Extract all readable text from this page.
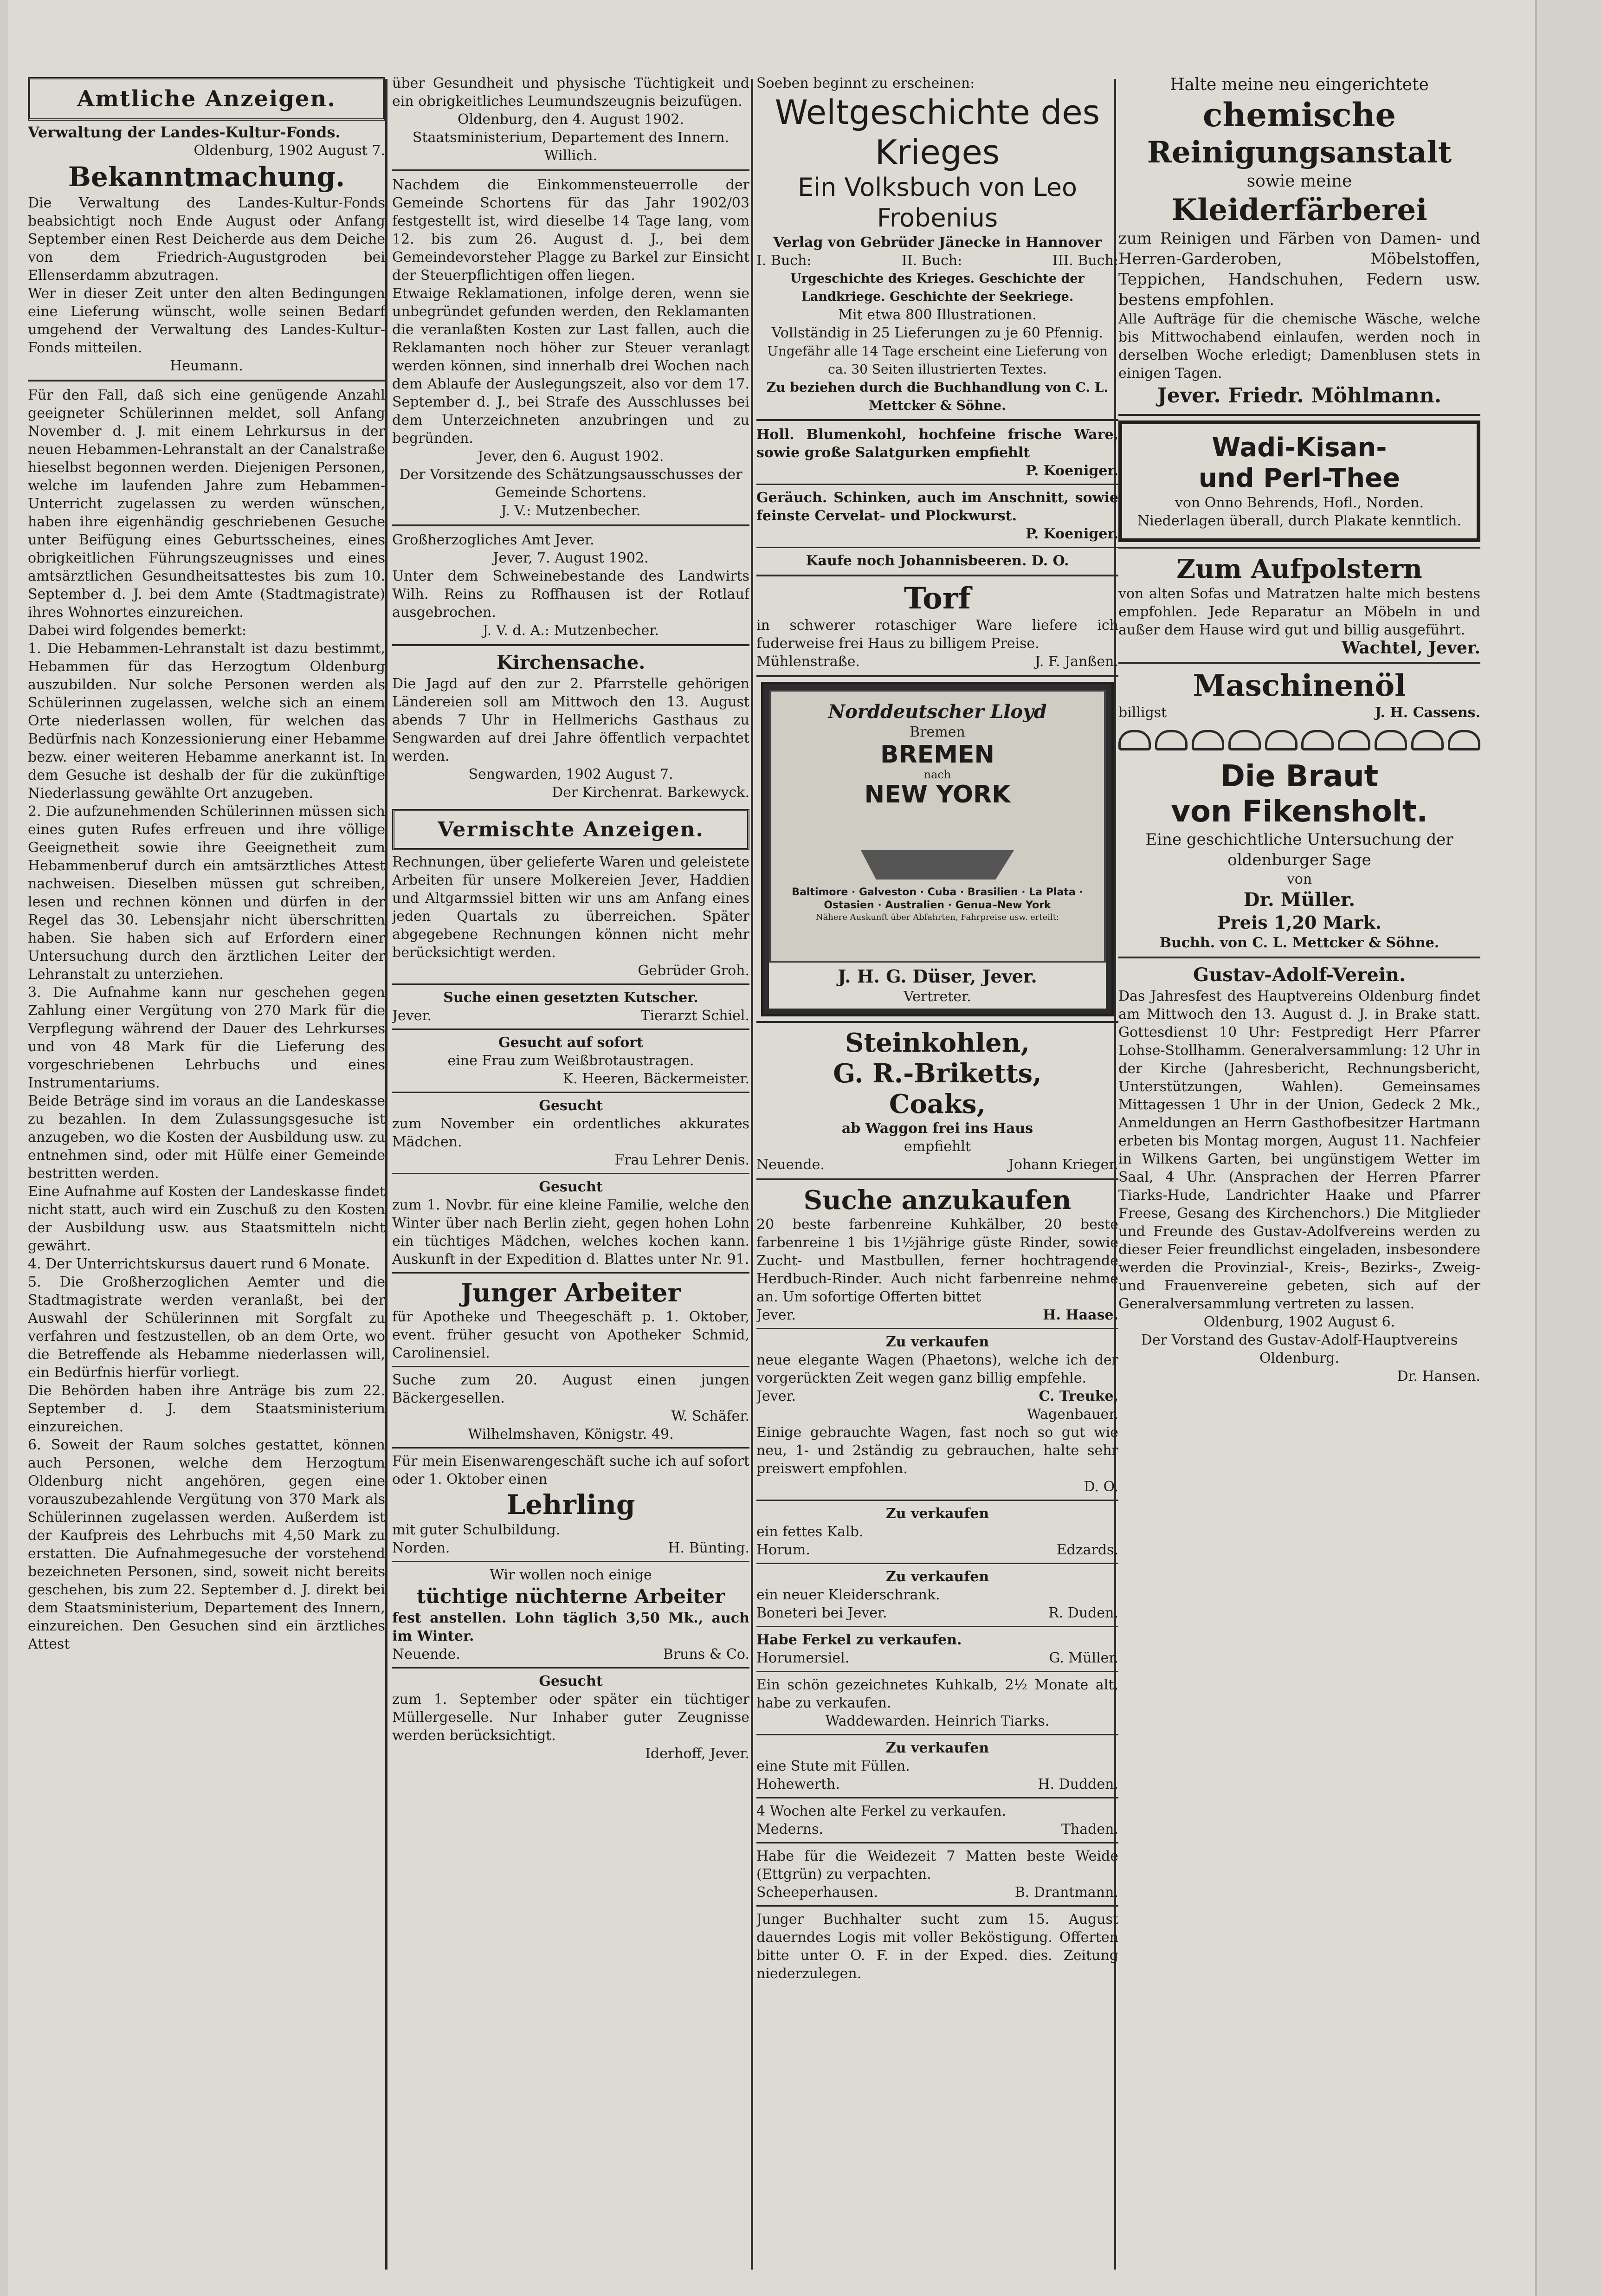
Amtliche Anzeigen.

Verwaltung der Landes-Kultur-Fonds.

Oldenburg, 1902 August 7.

Bekanntmachung.

Die Verwaltung des Landes-Kultur-Fonds beabsichtigt noch Ende August oder Anfang September einen Rest Deicherde aus dem Deiche von dem Friedrich-Augustgroden bei Ellenserdamm abzutragen.

Wer in dieser Zeit unter den alten Bedingungen eine Lieferung wünscht, wolle seinen Bedarf umgehend der Verwaltung des Landes-Kultur-Fonds mitteilen.

Heumann.

Für den Fall, daß sich eine genügende Anzahl geeigneter Schülerinnen meldet, soll Anfang November d. J. mit einem Lehrkursus in der neuen Hebammen-Lehranstalt an der Canalstraße hieselbst begonnen werden. Diejenigen Personen, welche im laufenden Jahre zum Hebammen-Unterricht zugelassen zu werden wünschen, haben ihre eigenhändig geschriebenen Gesuche unter Beifügung eines Geburtsscheines, eines obrigkeitlichen Führungszeugnisses und eines amtsärztlichen Gesundheitsattestes bis zum 10. September d. J. bei dem Amte (Stadtmagistrate) ihres Wohnortes einzureichen.

Dabei wird folgendes bemerkt:

1. Die Hebammen-Lehranstalt ist dazu bestimmt, Hebammen für das Herzogtum Oldenburg auszubilden. Nur solche Personen werden als Schülerinnen zugelassen, welche sich an einem Orte niederlassen wollen, für welchen das Bedürfnis nach Konzessionierung einer Hebamme bezw. einer weiteren Hebamme anerkannt ist. In dem Gesuche ist deshalb der für die zukünftige Niederlassung gewählte Ort anzugeben.

2. Die aufzunehmenden Schülerinnen müssen sich eines guten Rufes erfreuen und ihre völlige Geeignetheit sowie ihre Geeignetheit zum Hebammenberuf durch ein amtsärztliches Attest nachweisen. Dieselben müssen gut schreiben, lesen und rechnen können und dürfen in der Regel das 30. Lebensjahr nicht überschritten haben. Sie haben sich auf Erfordern einer Untersuchung durch den ärztlichen Leiter der Lehranstalt zu unterziehen.

3. Die Aufnahme kann nur geschehen gegen Zahlung einer Vergütung von 270 Mark für die Verpflegung während der Dauer des Lehrkurses und von 48 Mark für die Lieferung des vorgeschriebenen Lehrbuchs und eines Instrumentariums.

Beide Beträge sind im voraus an die Landeskasse zu bezahlen. In dem Zulassungsgesuche ist anzugeben, wo die Kosten der Ausbildung usw. zu entnehmen sind, oder mit Hülfe einer Gemeinde bestritten werden.

Eine Aufnahme auf Kosten der Landeskasse findet nicht statt, auch wird ein Zuschuß zu den Kosten der Ausbildung usw. aus Staatsmitteln nicht gewährt.

4. Der Unterrichtskursus dauert rund 6 Monate.

5. Die Großherzoglichen Aemter und die Stadtmagistrate werden veranlaßt, bei der Auswahl der Schülerinnen mit Sorgfalt zu verfahren und festzustellen, ob an dem Orte, wo die Betreffende als Hebamme niederlassen will, ein Bedürfnis hierfür vorliegt.

Die Behörden haben ihre Anträge bis zum 22. September d. J. dem Staatsministerium einzureichen.

6. Soweit der Raum solches gestattet, können auch Personen, welche dem Herzogtum Oldenburg nicht angehören, gegen eine vorauszubezahlende Vergütung von 370 Mark als Schülerinnen zugelassen werden. Außerdem ist der Kaufpreis des Lehrbuchs mit 4,50 Mark zu erstatten. Die Aufnahmegesuche der vorstehend bezeichneten Personen, sind, soweit nicht bereits geschehen, bis zum 22. September d. J. direkt bei dem Staatsministerium, Departement des Innern, einzureichen. Den Gesuchen sind ein ärztliches Attest

über Gesundheit und physische Tüchtigkeit und ein obrigkeitliches Leumundszeugnis beizufügen.

Oldenburg, den 4. August 1902.

Staatsministerium, Departement des Innern.

Willich.

Nachdem die Einkommensteuerrolle der Gemeinde Schortens für das Jahr 1902/03 festgestellt ist, wird dieselbe 14 Tage lang, vom 12. bis zum 26. August d. J., bei dem Gemeindevorsteher Plagge zu Barkel zur Einsicht der Steuerpflichtigen offen liegen.

Etwaige Reklamationen, infolge deren, wenn sie unbegründet gefunden werden, den Reklamanten die veranlaßten Kosten zur Last fallen, auch die Reklamanten noch höher zur Steuer veranlagt werden können, sind innerhalb drei Wochen nach dem Ablaufe der Auslegungszeit, also vor dem 17. September d. J., bei Strafe des Ausschlusses bei dem Unterzeichneten anzubringen und zu begründen.

Jever, den 6. August 1902.

Der Vorsitzende des Schätzungsausschusses der Gemeinde Schortens.

J. V.: Mutzenbecher.

Großherzogliches Amt Jever.

Jever, 7. August 1902.

Unter dem Schweinebestande des Landwirts Wilh. Reins zu Roffhausen ist der Rotlauf ausgebrochen.

J. V. d. A.: Mutzenbecher.

Kirchensache.

Die Jagd auf den zur 2. Pfarrstelle gehörigen Ländereien soll am Mittwoch den 13. August abends 7 Uhr in Hellmerichs Gasthaus zu Sengwarden auf drei Jahre öffentlich verpachtet werden.

Sengwarden, 1902 August 7.

Der Kirchenrat. Barkewyck.

Vermischte Anzeigen.

Rechnungen, über gelieferte Waren und geleistete Arbeiten für unsere Molkereien Jever, Haddien und Altgarmssiel bitten wir uns am Anfang eines jeden Quartals zu überreichen. Später abgegebene Rechnungen können nicht mehr berücksichtigt werden.

Gebrüder Groh.

Suche einen gesetzten Kutscher.

Jever.	Tierarzt Schiel.

Gesucht auf sofort

eine Frau zum Weißbrotaustragen.

K. Heeren, Bäckermeister.

Gesucht

zum November ein ordentliches akkurates Mädchen.

Frau Lehrer Denis.

Gesucht

zum 1. Novbr. für eine kleine Familie, welche den Winter über nach Berlin zieht, gegen hohen Lohn ein tüchtiges Mädchen, welches kochen kann. Auskunft in der Expedition d. Blattes unter Nr. 91.

Junger Arbeiter

für Apotheke und Theegeschäft p. 1. Oktober, event. früher gesucht von Apotheker Schmid, Carolinensiel.

Suche zum 20. August einen jungen Bäckergesellen.

W. Schäfer.

Wilhelmshaven, Königstr. 49.

Für mein Eisenwarengeschäft suche ich auf sofort oder 1. Oktober einen

Lehrling

mit guter Schulbildung.

Norden.	H. Bünting.

Wir wollen noch einige

tüchtige nüchterne Arbeiter

fest anstellen. Lohn täglich 3,50 Mk., auch im Winter.

Neuende.	Bruns & Co.

Gesucht

zum 1. September oder später ein tüchtiger Müllergeselle. Nur Inhaber guter Zeugnisse werden berücksichtigt.

Iderhoff, Jever.

Soeben beginnt zu erscheinen:

Weltgeschichte des Krieges

Ein Volksbuch von Leo Frobenius

Verlag von Gebrüder Jänecke in Hannover

I. Buch:	II. Buch:	III. Buch:

Urgeschichte des Krieges. Geschichte der Landkriege. Geschichte der Seekriege.

Mit etwa 800 Illustrationen.

Vollständig in 25 Lieferungen zu je 60 Pfennig.

Ungefähr alle 14 Tage erscheint eine Lieferung von ca. 30 Seiten illustrierten Textes.

Zu beziehen durch die Buchhandlung von C. L. Mettcker & Söhne.

Holl. Blumenkohl, hochfeine frische Ware, sowie große Salatgurken empfiehlt

P. Koeniger.

Geräuch. Schinken, auch im Anschnitt, sowie feinste Cervelat- und Plockwurst.

P. Koeniger.

Kaufe noch Johannisbeeren. D. O.

Torf

in schwerer rotaschiger Ware liefere ich fuderweise frei Haus zu billigem Preise.

Mühlenstraße.	J. F. Janßen.

Norddeutscher Lloyd

Bremen

BREMEN

nach

NEW YORK

Baltimore · Galveston · Cuba · Brasilien · La Plata · Ostasien · Australien · Genua–New York

Nähere Auskunft über Abfahrten, Fahrpreise usw. erteilt:

J. H. G. Düser, Jever.

Vertreter.

Steinkohlen,

G. R.-Briketts,

Coaks,

ab Waggon frei ins Haus

empfiehlt

Neuende.	Johann Krieger.

Suche anzukaufen

20 beste farbenreine Kuhkälber, 20 beste farbenreine 1 bis 1½jährige güste Rinder, sowie Zucht- und Mastbullen, ferner hochtragende Herdbuch-Rinder. Auch nicht farbenreine nehme an. Um sofortige Offerten bittet

Jever.	H. Haase.

Zu verkaufen

neue elegante Wagen (Phaetons), welche ich der vorgerückten Zeit wegen ganz billig empfehle.

Jever.	C. Treuke,

Wagenbauer.

Einige gebrauchte Wagen, fast noch so gut wie neu, 1- und 2ständig zu gebrauchen, halte sehr preiswert empfohlen.

D. O.

Zu verkaufen

ein fettes Kalb.

Horum.	Edzards.

Zu verkaufen

ein neuer Kleiderschrank.

Boneteri bei Jever.	R. Duden.

Habe Ferkel zu verkaufen.

Horumersiel.	G. Müller.

Ein schön gezeichnetes Kuhkalb, 2½ Monate alt, habe zu verkaufen.

Waddewarden. Heinrich Tiarks.

Zu verkaufen

eine Stute mit Füllen.

Hohewerth.	H. Dudden.

4 Wochen alte Ferkel zu verkaufen.

Mederns.	Thaden.

Habe für die Weidezeit 7 Matten beste Weide (Ettgrün) zu verpachten.

Scheeperhausen.	B. Drantmann.

Junger Buchhalter sucht zum 15. August dauerndes Logis mit voller Beköstigung. Offerten bitte unter O. F. in der Exped. dies. Zeitung niederzulegen.

Halte meine neu eingerichtete

chemische

Reinigungsanstalt

sowie meine

Kleiderfärberei

zum Reinigen und Färben von Damen- und Herren-Garderoben, Möbelstoffen, Teppichen, Handschuhen, Federn usw. bestens empfohlen.

Alle Aufträge für die chemische Wäsche, welche bis Mittwochabend einlaufen, werden noch in derselben Woche erledigt; Damenblusen stets in einigen Tagen.

Jever. Friedr. Möhlmann.

Wadi-Kisan-

und Perl-Thee

von Onno Behrends, Hofl., Norden. Niederlagen überall, durch Plakate kenntlich.

Zum Aufpolstern

von alten Sofas und Matratzen halte mich bestens empfohlen. Jede Reparatur an Möbeln in und außer dem Hause wird gut und billig ausgeführt.

Wachtel, Jever.

Maschinenöl

billigst	J. H. Cassens.

Die Braut

von Fikensholt.

Eine geschichtliche Untersuchung der oldenburger Sage

von

Dr. Müller.

Preis 1,20 Mark.

Buchh. von C. L. Mettcker & Söhne.

Gustav-Adolf-Verein.

Das Jahresfest des Hauptvereins Oldenburg findet am Mittwoch den 13. August d. J. in Brake statt. Gottesdienst 10 Uhr: Festpredigt Herr Pfarrer Lohse-Stollhamm. Generalversammlung: 12 Uhr in der Kirche (Jahresbericht, Rechnungsbericht, Unterstützungen, Wahlen). Gemeinsames Mittagessen 1 Uhr in der Union, Gedeck 2 Mk., Anmeldungen an Herrn Gasthofbesitzer Hartmann erbeten bis Montag morgen, August 11. Nachfeier in Wilkens Garten, bei ungünstigem Wetter im Saal, 4 Uhr. (Ansprachen der Herren Pfarrer Tiarks-Hude, Landrichter Haake und Pfarrer Freese, Gesang des Kirchenchors.) Die Mitglieder und Freunde des Gustav-Adolfvereins werden zu dieser Feier freundlichst eingeladen, insbesondere werden die Provinzial-, Kreis-, Bezirks-, Zweig- und Frauenvereine gebeten, sich auf der Generalversammlung vertreten zu lassen.

Oldenburg, 1902 August 6.

Der Vorstand des Gustav-Adolf-Hauptvereins Oldenburg.

Dr. Hansen.
